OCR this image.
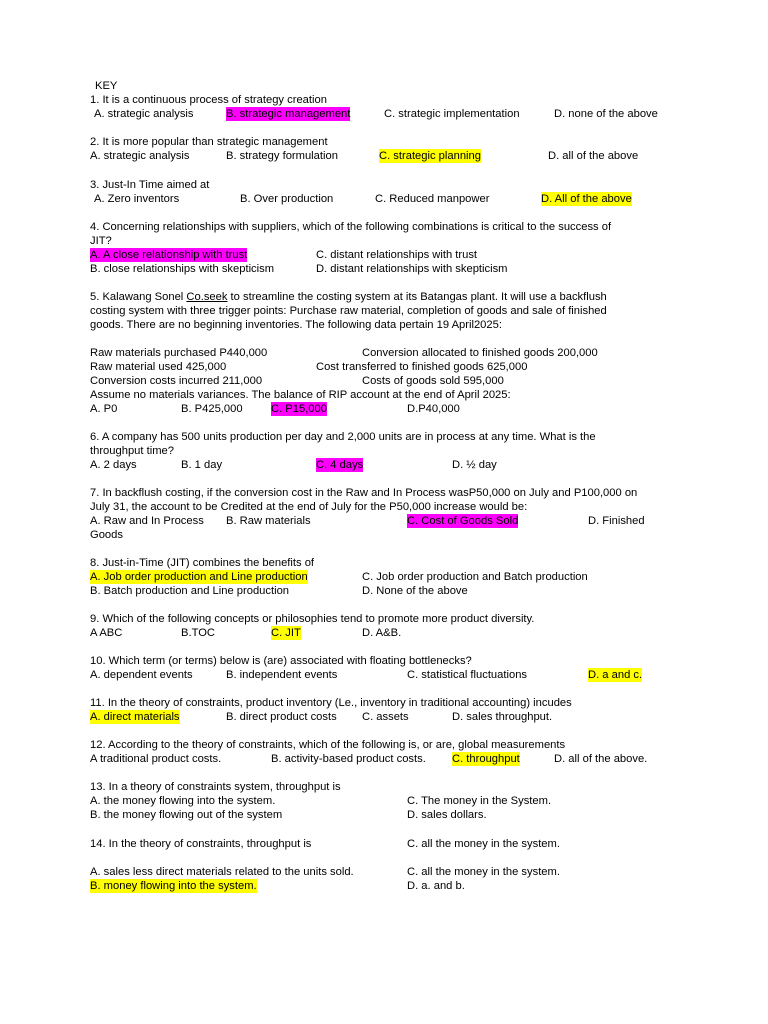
KEY
1. It is a continuous process of strategy creation
A. strategic analysis	B. strategic management	C. strategic implementation	D. none of the above
2. It is more popular than strategic management
A. strategic analysis	B. strategy formulation	C. strategic planning	D. all of the above
3. Just-In Time aimed at
A. Zero inventors	B. Over production	C. Reduced manpower	D. All of the above
4. Concerning relationships with suppliers, which of the following combinations is critical to the success of
JIT?
A. A close relationship with trust	C. distant relationships with trust
B. close relationships with skepticism	D. distant relationships with skepticism
5. Kalawang Sonel Co.seek to streamline the costing system at its Batangas plant. It will use a backflush
costing system with three trigger points: Purchase raw material, completion of goods and sale of finished
goods. There are no beginning inventories. The following data pertain 19 April2025:
Raw materials purchased P440,000	Conversion allocated to finished goods 200,000
Raw material used 425,000	Cost transferred to finished goods 625,000
Conversion costs incurred 211,000	Costs of goods sold 595,000
Assume no materials variances. The balance of RIP account at the end of April 2025:
A. P0	B. P425,000	C. P15,000	D.P40,000
6. A company has 500 units production per day and 2,000 units are in process at any time. What is the
throughput time?
A. 2 days	B. 1 day	C. 4 days	D. ½ day
7. In backflush costing, if the conversion cost in the Raw and In Process wasP50,000 on July and P100,000 on
July 31, the account to be Credited at the end of July for the P50,000 increase would be:
A. Raw and In Process B. Raw materials	C. Cost of Goods Sold	D. Finished
Goods
8. Just-in-Time (JIT) combines the benefits of
A. Job order production and Line production	C. Job order production and Batch production
B. Batch production and Line production	D. None of the above
9. Which of the following concepts or philosophies tend to promote more product diversity.
A ABC	B.TOC	C. JIT	D. A&B.
10. Which term (or terms) below is (are) associated with floating bottlenecks?
A. dependent events	B. independent events	C. statistical fluctuations	D. a and c.
11. In the theory of constraints, product inventory (Le., inventory in traditional accounting) incudes
A. direct materials	B. direct product costs C. assets	D. sales throughput.
12. According to the theory of constraints, which of the following is, or are, global measurements
A traditional product costs.	B. activity-based product costs. C. throughput	D. all of the above.
13. In a theory of constraints system, throughput is
A. the money flowing into the system.	C. The money in the System.
B. the money flowing out of the system	D. sales dollars.
14. In the theory of constraints, throughput is	C. all the money in the system.
A. sales less direct materials related to the units sold.	C. all the money in the system.
B. money flowing into the system.	D. a. and b.
